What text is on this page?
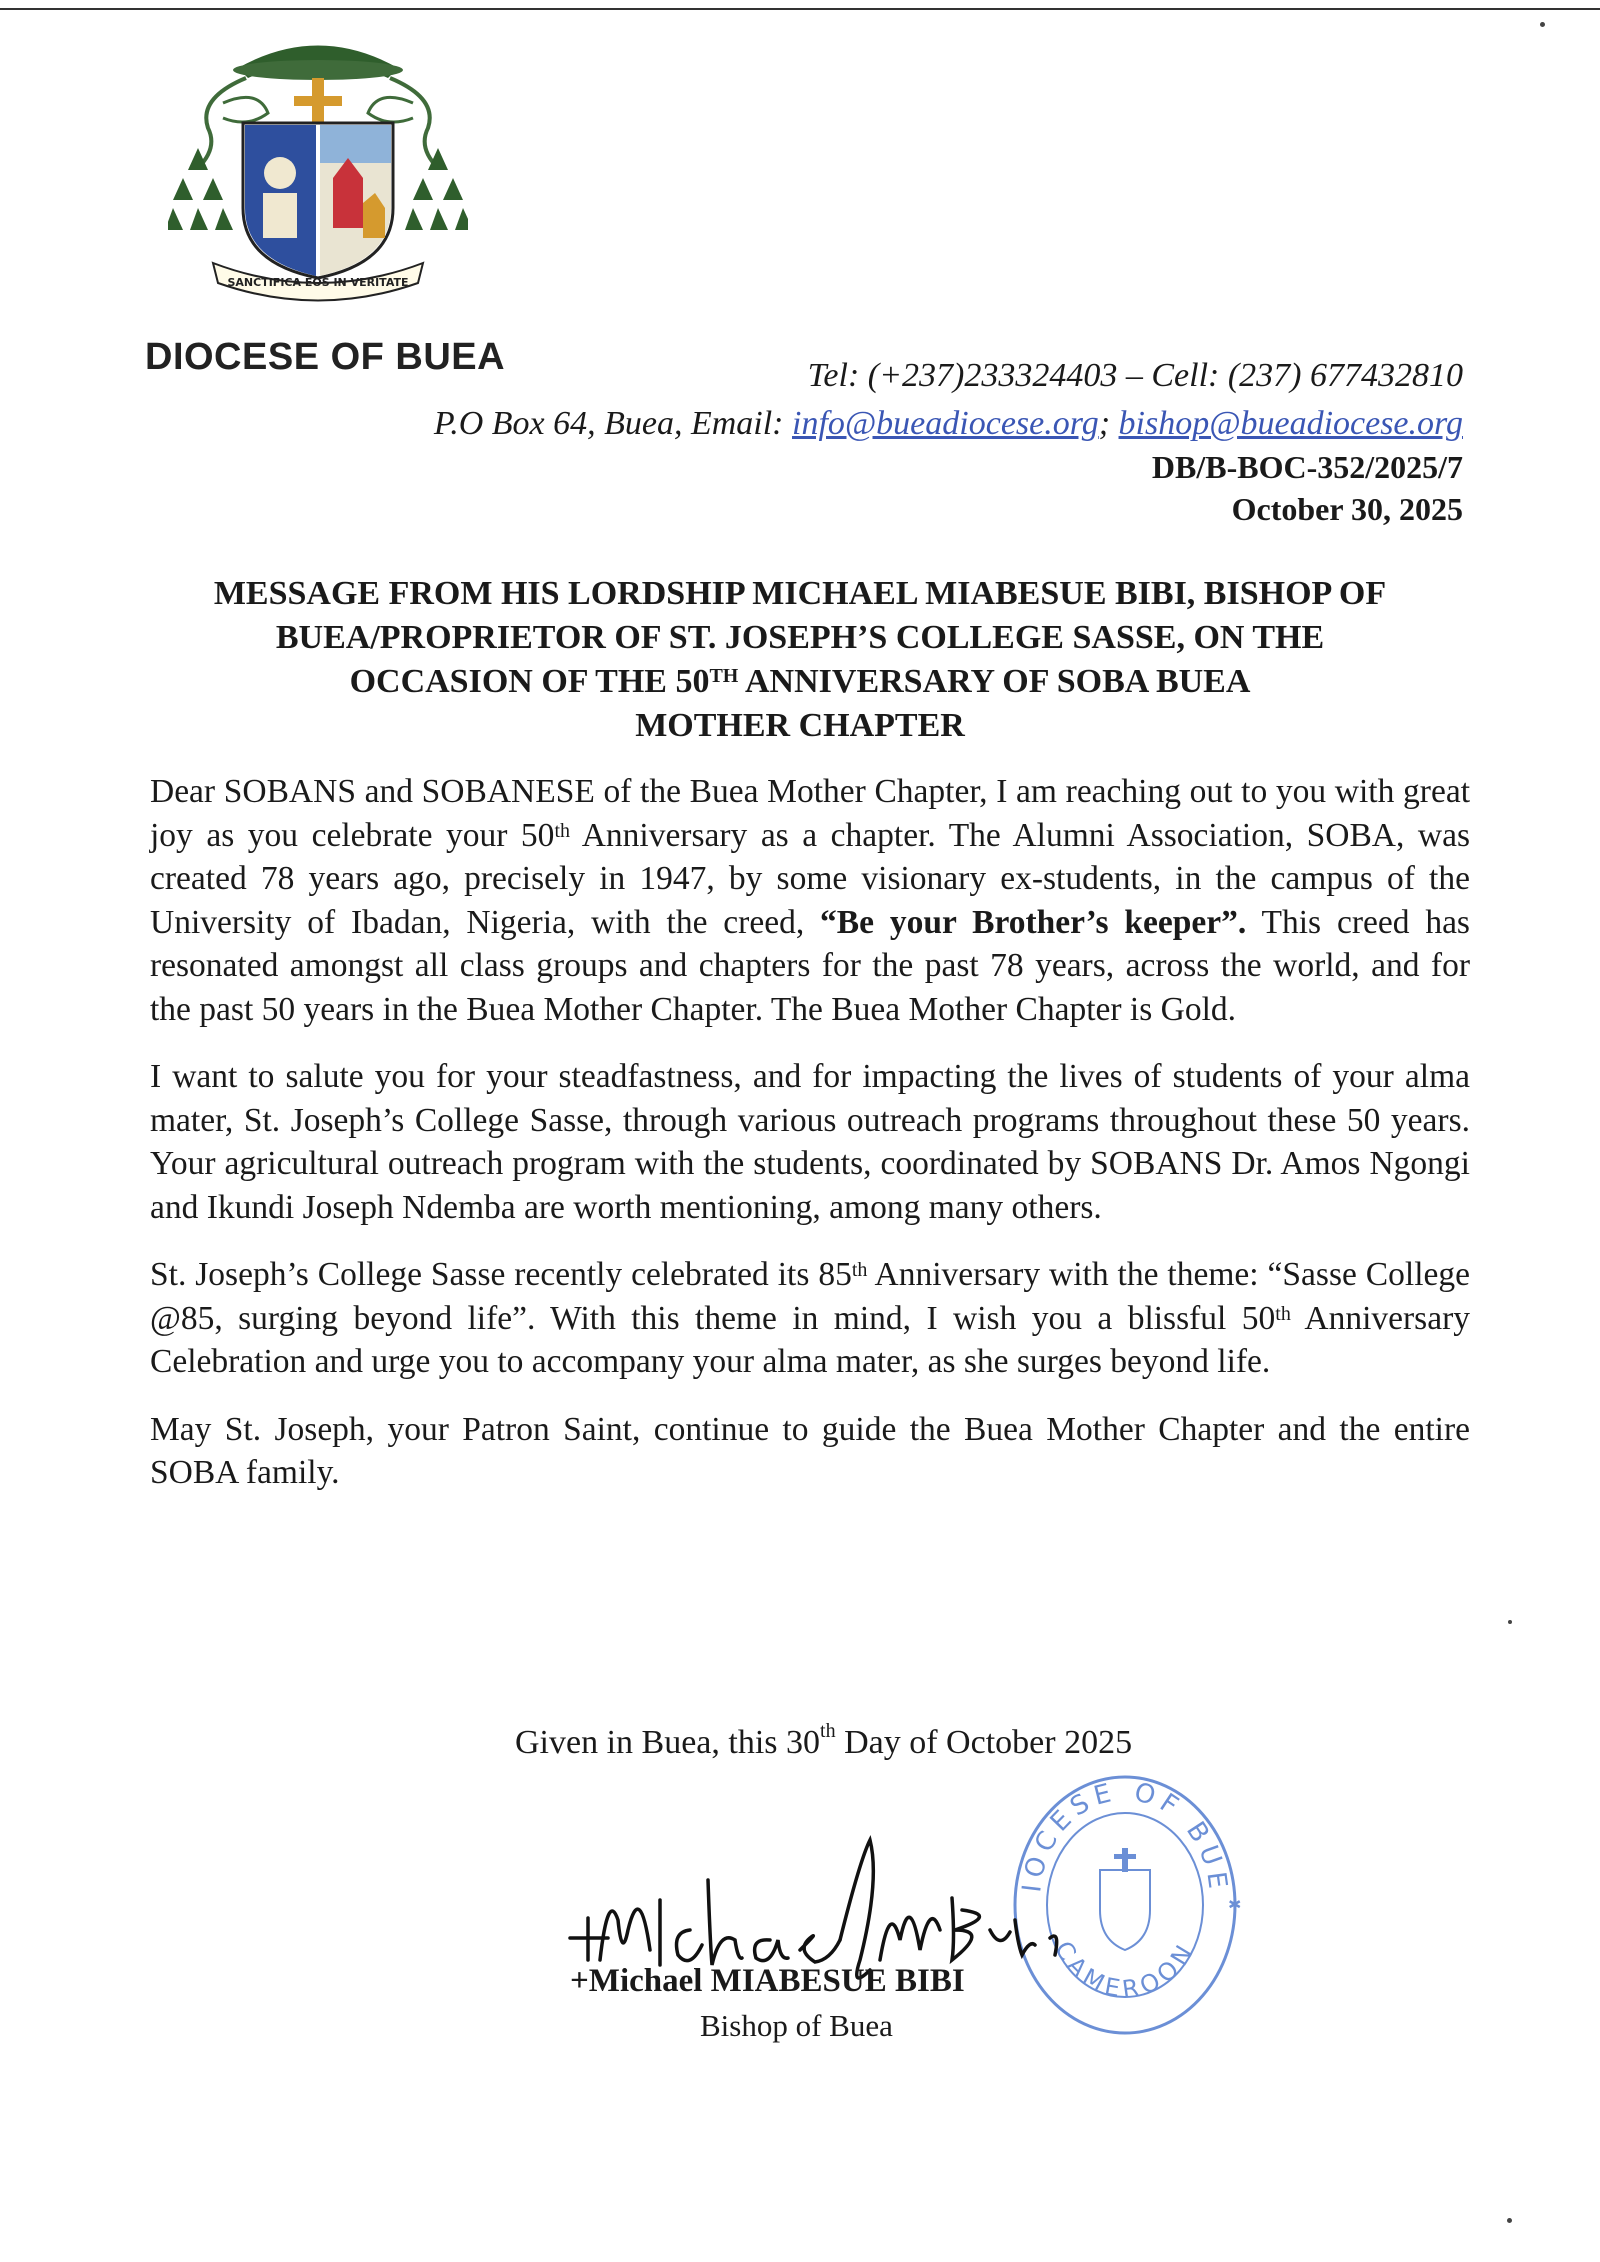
SANCTIFICA EOS IN VERITATE
DIOCESE OF BUEA	Tel: (+237)233324403 – Cell: (237) 677432810
P.O Box 64, Buea, Email: info@bueadiocese.org; bishop@bueadiocese.org
DB/B-BOC-352/2025/7
October 30, 2025
MESSAGE FROM HIS LORDSHIP MICHAEL MIABESUE BIBI, BISHOP OF
BUEA/PROPRIETOR OF ST. JOSEPH’S COLLEGE SASSE, ON THE
OCCASION OF THE 50TH ANNIVERSARY OF SOBA BUEA
MOTHER CHAPTER

Dear SOBANS and SOBANESE of the Buea Mother Chapter, I am reaching out to you with great joy as you celebrate your 50th Anniversary as a chapter. The Alumni Association, SOBA, was created 78 years ago, precisely in 1947, by some visionary ex-students, in the campus of the University of Ibadan, Nigeria, with the creed, “Be your Brother’s keeper”. This creed has resonated amongst all class groups and chapters for the past 78 years, across the world, and for the past 50 years in the Buea Mother Chapter. The Buea Mother Chapter is Gold.

I want to salute you for your steadfastness, and for impacting the lives of students of your alma mater, St. Joseph’s College Sasse, through various outreach programs throughout these 50 years. Your agricultural outreach program with the students, coordinated by SOBANS Dr. Amos Ngongi and Ikundi Joseph Ndemba are worth mentioning, among many others.

St. Joseph’s College Sasse recently celebrated its 85th Anniversary with the theme: “Sasse College @85, surging beyond life”. With this theme in mind, I wish you a blissful 50th Anniversary Celebration and urge you to accompany your alma mater, as she surges beyond life.

May St. Joseph, your Patron Saint, continue to guide the Buea Mother Chapter and the entire SOBA family.

Given in Buea, this 30th Day of October 2025
IOCESE OF BUE
CAMEROON
✱
+Michael MIABESUE BIBI
Bishop of Buea
